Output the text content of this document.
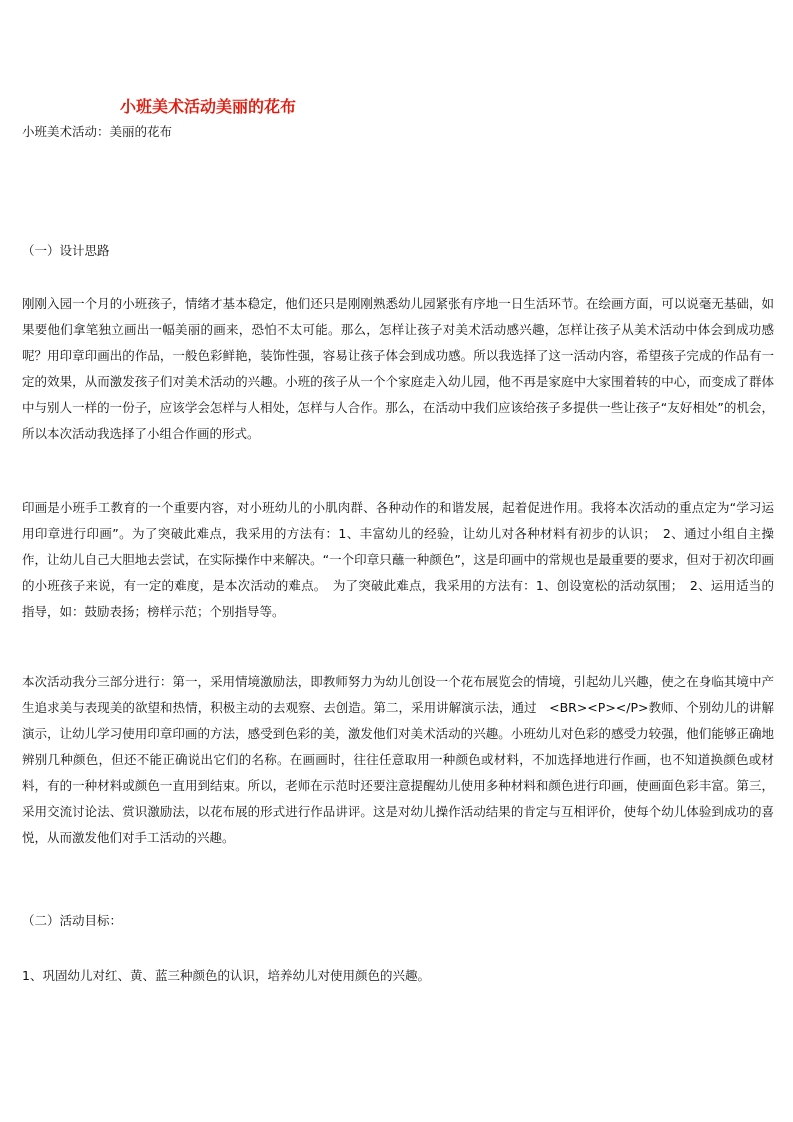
小班美术活动美丽的花布
小班美术活动：美丽的花布
（一）设计思路
刚刚入园一个月的小班孩子，情绪才基本稳定，他们还只是刚刚熟悉幼儿园紧张有序地一日生活环节。在绘画方面，可以说毫无基础，如果要他们拿笔独立画出一幅美丽的画来，恐怕不太可能。那么，怎样让孩子对美术活动感兴趣，怎样让孩子从美术活动中体会到成功感呢？用印章印画出的作品，一般色彩鲜艳，装饰性强，容易让孩子体会到成功感。所以我选择了这一活动内容，希望孩子完成的作品有一定的效果，从而激发孩子们对美术活动的兴趣。小班的孩子从一个个家庭走入幼儿园，他不再是家庭中大家围着转的中心，而变成了群体中与别人一样的一份子，应该学会怎样与人相处，怎样与人合作。那么，在活动中我们应该给孩子多提供一些让孩子“友好相处”的机会，所以本次活动我选择了小组合作画的形式。
印画是小班手工教育的一个重要内容，对小班幼儿的小肌肉群、各种动作的和谐发展，起着促进作用。我将本次活动的重点定为“学习运用印章进行印画”。为了突破此难点，我采用的方法有：1、丰富幼儿的经验，让幼儿对各种材料有初步的认识；　2、通过小组自主操作，让幼儿自己大胆地去尝试，在实际操作中来解决。“一个印章只蘸一种颜色”，这是印画中的常规也是最重要的要求，但对于初次印画的小班孩子来说，有一定的难度，是本次活动的难点。　为了突破此难点，我采用的方法有：1、创设宽松的活动氛围；　2、运用适当的指导，如：鼓励表扬；榜样示范；个别指导等。
本次活动我分三部分进行：第一，采用情境激励法，即教师努力为幼儿创设一个花布展览会的情境，引起幼儿兴趣，使之在身临其境中产生追求美与表现美的欲望和热情，积极主动的去观察、去创造。第二，采用讲解演示法，通过　<BR><P></P>教师、个别幼儿的讲解演示，让幼儿学习使用印章印画的方法，感受到色彩的美，激发他们对美术活动的兴趣。小班幼儿对色彩的感受力较强，他们能够正确地辨别几种颜色，但还不能正确说出它们的名称。在画画时，往往任意取用一种颜色或材料，不加选择地进行作画，也不知道换颜色或材料，有的一种材料或颜色一直用到结束。所以，老师在示范时还要注意提醒幼儿使用多种材料和颜色进行印画，使画面色彩丰富。第三，采用交流讨论法、赏识激励法，以花布展的形式进行作品讲评。这是对幼儿操作活动结果的肯定与互相评价，使每个幼儿体验到成功的喜悦，从而激发他们对手工活动的兴趣。
（二）活动目标：
1、巩固幼儿对红、黄、蓝三种颜色的认识，培养幼儿对使用颜色的兴趣。
